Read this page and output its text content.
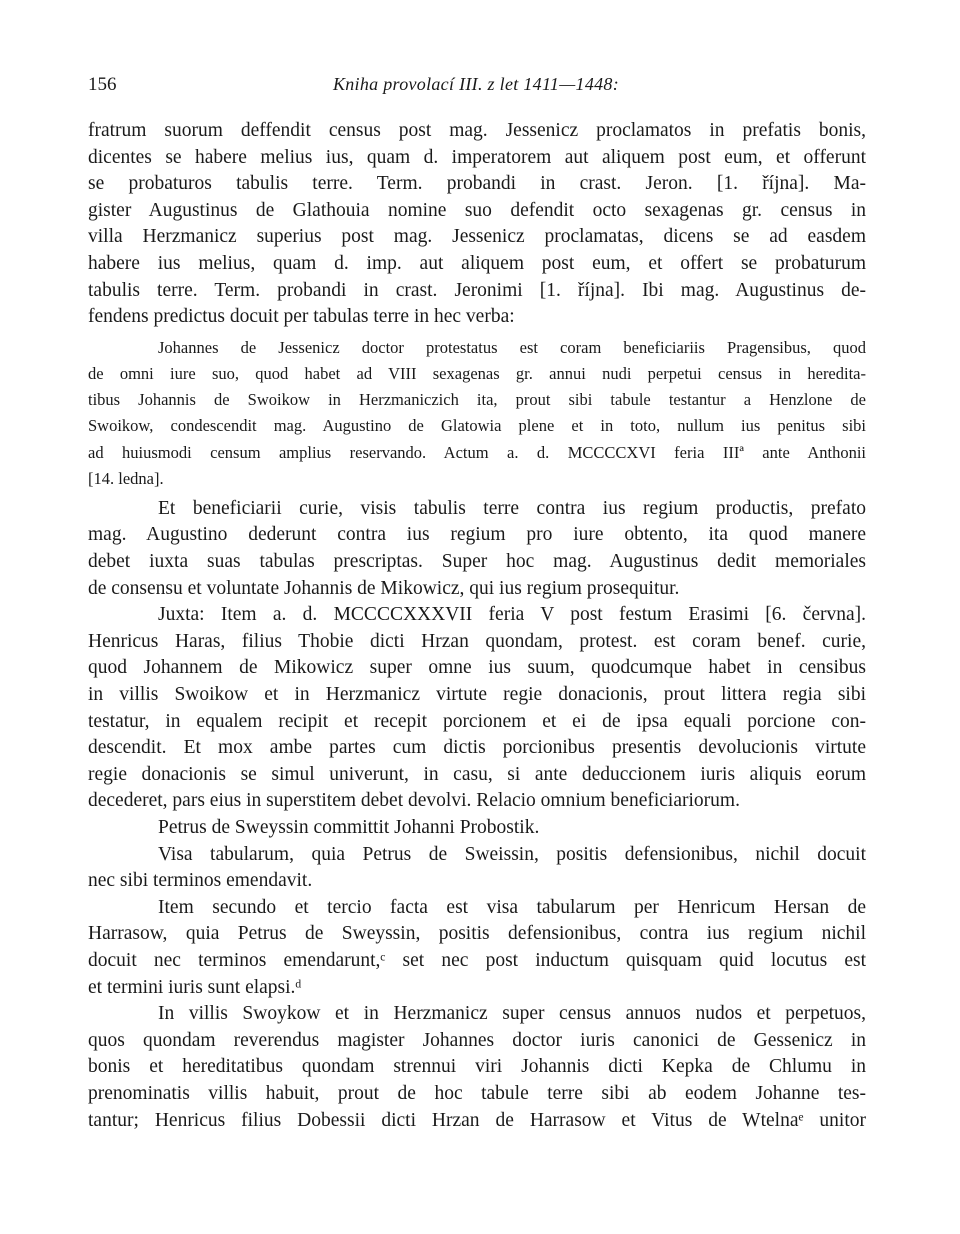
156	Kniha provolací III. z let 1411—1448:
fratrum suorum deffendit census post mag. Jessenicz proclamatos in prefatis bonis,
dicentes se habere melius ius, quam d. imperatorem aut aliquem post eum, et offerunt
se probaturos tabulis terre. Term. probandi in crast. Jeron. [1. října]. Ma-
gister Augustinus de Glathouia nomine suo defendit octo sexagenas gr. census in
villa Herzmanicz superius post mag. Jessenicz proclamatas, dicens se ad easdem
habere ius melius, quam d. imp. aut aliquem post eum, et offert se probaturum
tabulis terre. Term. probandi in crast. Jeronimi [1. října]. Ibi mag. Augustinus de-
fendens predictus docuit per tabulas terre in hec verba:
Johannes de Jessenicz doctor protestatus est coram beneficiariis Pragensibus, quod
de omni iure suo, quod habet ad VIII sexagenas gr. annui nudi perpetui census in heredita-
tibus Johannis de Swoikow in Herzmaniczich ita, prout sibi tabule testantur a Henzlone de
Swoikow, condescendit mag. Augustino de Glatowia plene et in toto, nullum ius penitus sibi
ad huiusmodi censum amplius reservando. Actum a. d. MCCCCXVI feria IIIª ante Anthonii
[14. ledna].
Et beneficiarii curie, visis tabulis terre contra ius regium productis, prefato
mag. Augustino dederunt contra ius regium pro iure obtento, ita quod manere
debet iuxta suas tabulas prescriptas. Super hoc mag. Augustinus dedit memoriales
de consensu et voluntate Johannis de Mikowicz, qui ius regium prosequitur.
Juxta: Item a. d. MCCCCXXXVII feria V post festum Erasimi [6. června].
Henricus Haras, filius Thobie dicti Hrzan quondam, protest. est coram benef. curie,
quod Johannem de Mikowicz super omne ius suum, quodcumque habet in censibus
in villis Swoikow et in Herzmanicz virtute regie donacionis, prout littera regia sibi
testatur, in equalem recipit et recepit porcionem et ei de ipsa equali porcione con-
descendit. Et mox ambe partes cum dictis porcionibus presentis devolucionis virtute
regie donacionis se simul univerunt, in casu, si ante deduccionem iuris aliquis eorum
decederet, pars eius in superstitem debet devolvi. Relacio omnium beneficiariorum.
Petrus de Sweyssin committit Johanni Probostik.
Visa tabularum, quia Petrus de Sweissin, positis defensionibus, nichil docuit
nec sibi terminos emendavit.
Item secundo et tercio facta est visa tabularum per Henricum Hersan de
Harrasow, quia Petrus de Sweyssin, positis defensionibus, contra ius regium nichil
docuit nec terminos emendarunt,ᶜ set nec post inductum quisquam quid locutus est
et termini iuris sunt elapsi.ᵈ
In villis Swoykow et in Herzmanicz super census annuos nudos et perpetuos,
quos quondam reverendus magister Johannes doctor iuris canonici de Gessenicz in
bonis et hereditatibus quondam strennui viri Johannis dicti Kepka de Chlumu in
prenominatis villis habuit, prout de hoc tabule terre sibi ab eodem Johanne tes-
tantur; Henricus filius Dobessii dicti Hrzan de Harrasow et Vitus de Wtelnaᵉ unitor
